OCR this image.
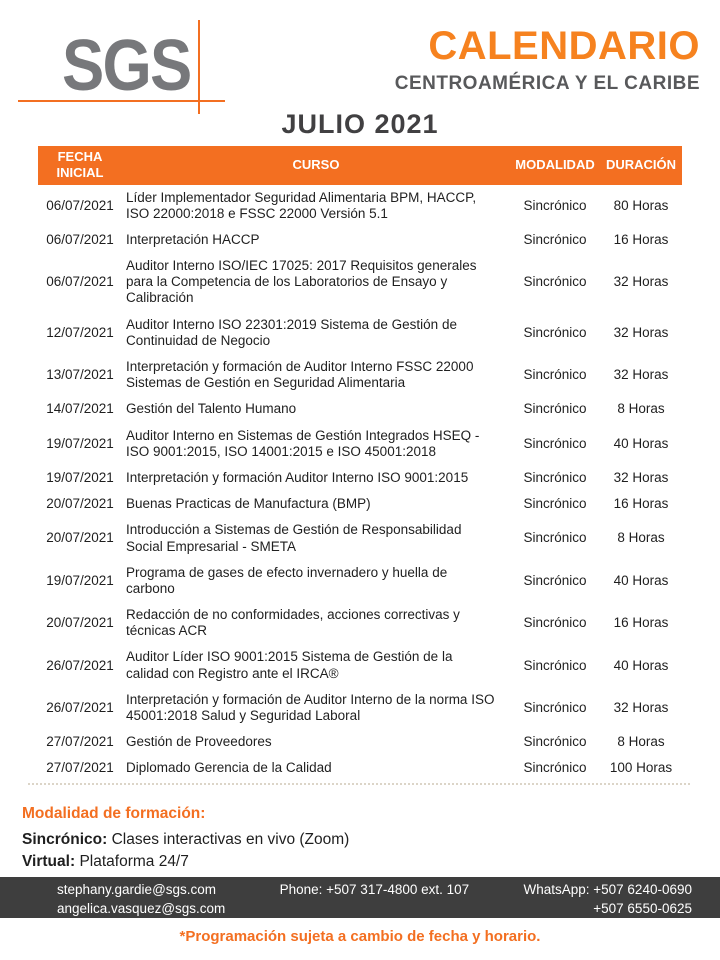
SGS	CALENDARIO
CENTROAMÉRICA Y EL CARIBE
JULIO 2021
FECHA INICIAL	CURSO	MODALIDAD	DURACIÓN
06/07/2021	Líder Implementador Seguridad Alimentaria BPM, HACCP, ISO 22000:2018 e FSSC 22000 Versión 5.1	Sincrónico	80 Horas
06/07/2021	Interpretación HACCP	Sincrónico	16 Horas
06/07/2021	Auditor Interno ISO/IEC 17025: 2017 Requisitos generales para la Competencia de los Laboratorios de Ensayo y Calibración	Sincrónico	32 Horas
12/07/2021	Auditor Interno ISO 22301:2019 Sistema de Gestión de Continuidad de Negocio	Sincrónico	32 Horas
13/07/2021	Interpretación y formación de Auditor Interno FSSC 22000 Sistemas de Gestión en Seguridad Alimentaria	Sincrónico	32 Horas
14/07/2021	Gestión del Talento Humano	Sincrónico	8 Horas
19/07/2021	Auditor Interno en Sistemas de Gestión Integrados HSEQ - ISO 9001:2015, ISO 14001:2015 e ISO 45001:2018	Sincrónico	40 Horas
19/07/2021	Interpretación y formación Auditor Interno ISO 9001:2015	Sincrónico	32 Horas
20/07/2021	Buenas Practicas de Manufactura (BMP)	Sincrónico	16 Horas
20/07/2021	Introducción a Sistemas de Gestión de Responsabilidad Social Empresarial - SMETA	Sincrónico	8 Horas
19/07/2021	Programa de gases de efecto invernadero y huella de carbono	Sincrónico	40 Horas
20/07/2021	Redacción de no conformidades, acciones correctivas y técnicas ACR	Sincrónico	16 Horas
26/07/2021	Auditor Líder ISO 9001:2015 Sistema de Gestión de la calidad con Registro ante el IRCA®	Sincrónico	40 Horas
26/07/2021	Interpretación y formación de Auditor Interno de la norma ISO 45001:2018 Salud y Seguridad Laboral	Sincrónico	32 Horas
27/07/2021	Gestión de Proveedores	Sincrónico	8 Horas
27/07/2021	Diplomado Gerencia de la Calidad	Sincrónico	100 Horas
Modalidad de formación:
Sincrónico: Clases interactivas en vivo (Zoom)
Virtual: Plataforma 24/7
stephany.gardie@sgs.com
angelica.vasquez@sgs.com
Phone: +507 317-4800 ext. 107	WhatsApp: +507 6240-0690
+507 6550-0625
*Programación sujeta a cambio de fecha y horario.
